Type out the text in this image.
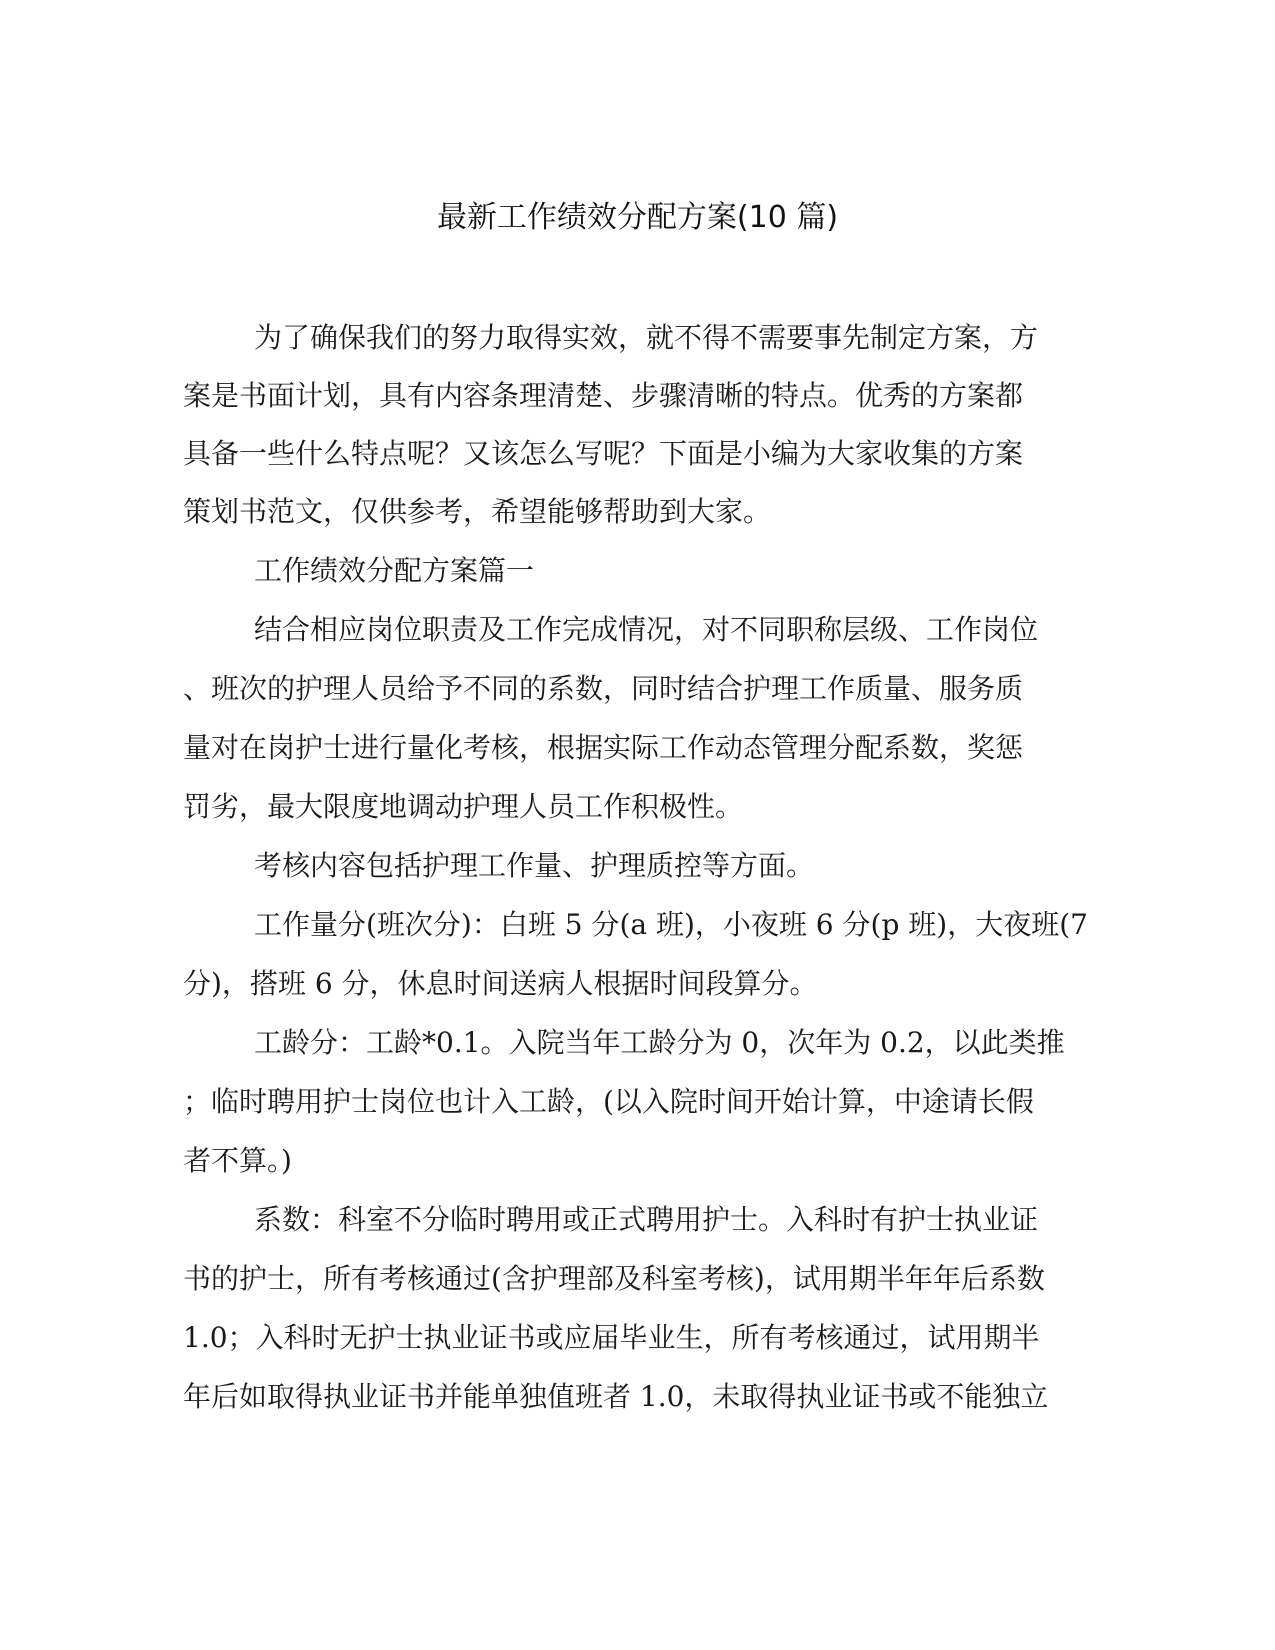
最新工作绩效分配方案(10 篇)

为了确保我们的努力取得实效，就不得不需要事先制定方案，方

案是书面计划，具有内容条理清楚、步骤清晰的特点。优秀的方案都

具备一些什么特点呢？又该怎么写呢？下面是小编为大家收集的方案

策划书范文，仅供参考，希望能够帮助到大家。

工作绩效分配方案篇一

结合相应岗位职责及工作完成情况，对不同职称层级、工作岗位

、班次的护理人员给予不同的系数，同时结合护理工作质量、服务质

量对在岗护士进行量化考核，根据实际工作动态管理分配系数，奖惩

罚劣，最大限度地调动护理人员工作积极性。

考核内容包括护理工作量、护理质控等方面。

工作量分(班次分)：白班 5 分(a 班)，小夜班 6 分(p 班)，大夜班(7

分)，搭班 6 分，休息时间送病人根据时间段算分。

工龄分：工龄*0.1。入院当年工龄分为 0，次年为 0.2，以此类推

；临时聘用护士岗位也计入工龄，(以入院时间开始计算，中途请长假

者不算。)

系数：科室不分临时聘用或正式聘用护士。入科时有护士执业证

书的护士，所有考核通过(含护理部及科室考核)，试用期半年年后系数

1.0；入科时无护士执业证书或应届毕业生，所有考核通过，试用期半

年后如取得执业证书并能单独值班者 1.0，未取得执业证书或不能独立
